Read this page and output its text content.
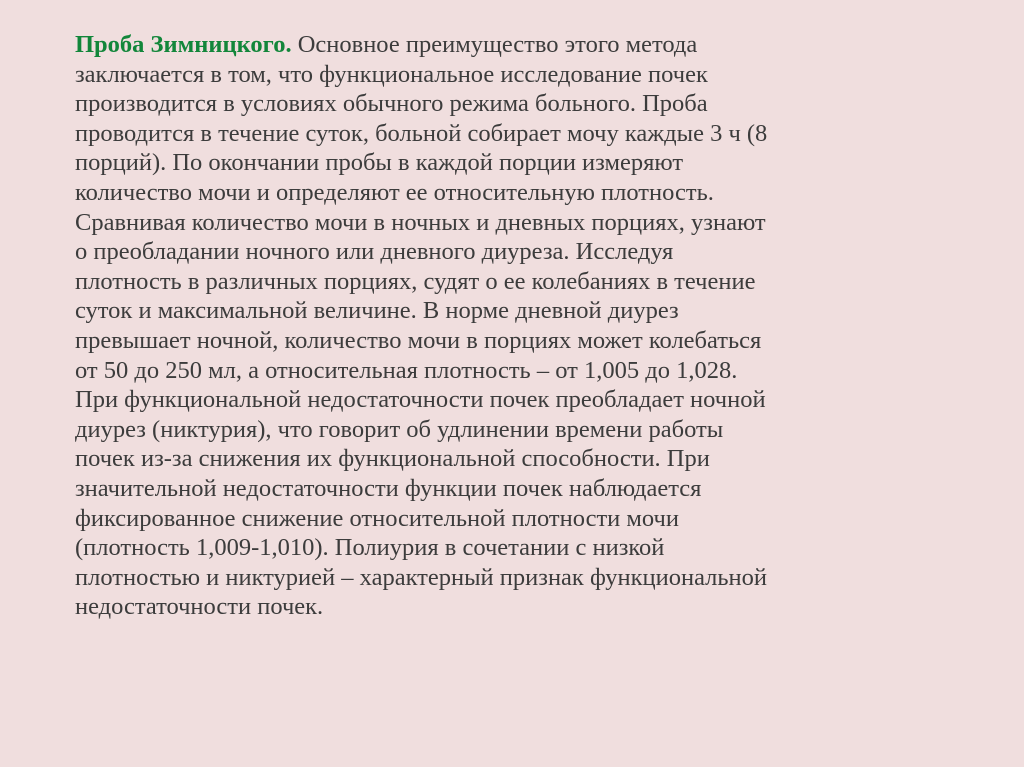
Проба Зимницкого. Основное преимущество этого метода
заключается в том, что функциональное исследование почек
производится в условиях обычного режима больного. Проба
проводится в течение суток, больной собирает мочу каждые 3 ч (8
порций). По окончании пробы в каждой порции измеряют
количество мочи и определяют ее относительную плотность.
Сравнивая количество мочи в ночных и дневных порциях, узнают
о преобладании ночного или дневного диуреза. Исследуя
плотность в различных порциях, судят о ее колебаниях в течение
суток и максимальной величине. В норме дневной диурез
превышает ночной, количество мочи в порциях может колебаться
от 50 до 250 мл, а относительная плотность – от 1,005 до 1,028.
При функциональной недостаточности почек преобладает ночной
диурез (никтурия), что говорит об удлинении времени работы
почек из-за снижения их функциональной способности. При
значительной недостаточности функции почек наблюдается
фиксированное снижение относительной плотности мочи
(плотность 1,009-1,010). Полиурия в сочетании с низкой
плотностью и никтурией – характерный признак функциональной
недостаточности почек.
